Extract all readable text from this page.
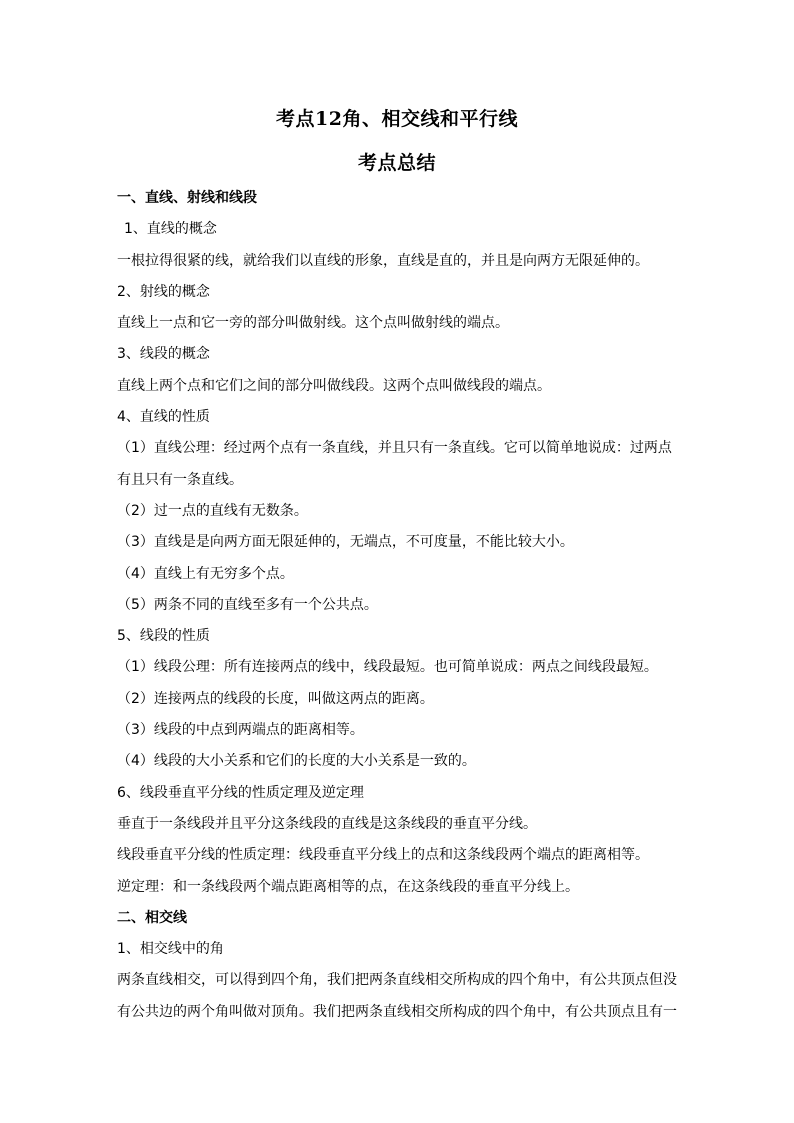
考点12角、相交线和平行线
考点总结
一、直线、射线和线段
1、直线的概念
一根拉得很紧的线，就给我们以直线的形象，直线是直的，并且是向两方无限延伸的。
2、射线的概念
直线上一点和它一旁的部分叫做射线。这个点叫做射线的端点。
3、线段的概念
直线上两个点和它们之间的部分叫做线段。这两个点叫做线段的端点。
4、直线的性质
（1）直线公理：经过两个点有一条直线，并且只有一条直线。它可以简单地说成：过两点
有且只有一条直线。
（2）过一点的直线有无数条。
（3）直线是是向两方面无限延伸的，无端点，不可度量，不能比较大小。
（4）直线上有无穷多个点。
（5）两条不同的直线至多有一个公共点。
5、线段的性质
（1）线段公理：所有连接两点的线中，线段最短。也可简单说成：两点之间线段最短。
（2）连接两点的线段的长度，叫做这两点的距离。
（3）线段的中点到两端点的距离相等。
（4）线段的大小关系和它们的长度的大小关系是一致的。
6、线段垂直平分线的性质定理及逆定理
垂直于一条线段并且平分这条线段的直线是这条线段的垂直平分线。
线段垂直平分线的性质定理：线段垂直平分线上的点和这条线段两个端点的距离相等。
逆定理：和一条线段两个端点距离相等的点，在这条线段的垂直平分线上。
二、相交线
1、相交线中的角
两条直线相交，可以得到四个角，我们把两条直线相交所构成的四个角中，有公共顶点但没
有公共边的两个角叫做对顶角。我们把两条直线相交所构成的四个角中，有公共顶点且有一
